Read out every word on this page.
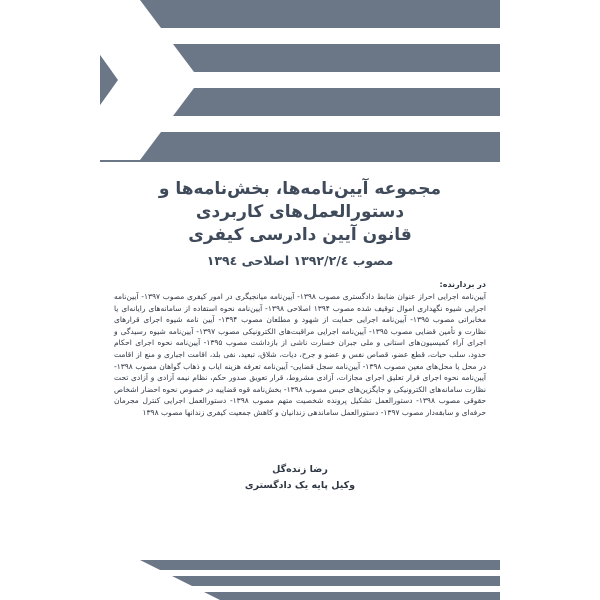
مجموعه آیین‌نامه‌ها، بخش‌نامه‌ها و
دستورالعمل‌های کاربردی
قانون آیین دادرسی کیفری
مصوب ۱۳۹۲/۲/٤ اصلاحی ۱۳۹٤
در بردارنده:
آیین‌نامه اجرایی احراز عنوان ضابط دادگستری مصوب ۱۳۹۸- آیین‌نامه میانجیگری در امور کیفری مصوب ۱۳۹۷- آیین‌نامه اجرایی شیوه نگهداری اموال توقیف شده مصوب ۱۳۹۴ اصلاحی ۱۳۹۸- آیین‌نامه نحوه استفاده از سامانه‌های رایانه‌ای یا مخابراتی مصوب ۱۳۹۵- آیین‌نامه اجرایی حمایت از شهود و مطلعان مصوب ۱۳۹۴- آیین نامه شیوه اجرای قرارهای نظارت و تأمین قضایی مصوب ۱۳۹۵- آیین‌نامه اجرایی مراقبت‌های الکترونیکی مصوب ۱۳۹۷- آیین‌نامه شیوه رسیدگی و اجرای آراء کمیسیون‌های استانی و ملی جبران خسارت ناشی از بازداشت مصوب ۱۳۹۵- آیین‌نامه نحوه اجرای احکام حدود، سلب حیات، قطع عضو، قصاص نفس و عضو و جرح، دیات، شلاق، تبعید، نفی بلد، اقامت اجباری و منع از اقامت در محل یا محل‌های معین مصوب ۱۳۹۸- آیین‌نامه سجل قضایی- آیین‌نامه تعرفه هزینه ایاب و ذهاب گواهان مصوب ۱۳۹۸- آیین‌نامه نحوه اجرای قرار تعلیق اجرای مجازات، آزادی مشروط، قرار تعویق صدور حکم، نظام نیمه آزادی و آزادی تحت نظارت سامانه‌های الکترونیکی و جایگزین‌های حبس مصوب ۱۳۹۸- بخش‌نامه قوه قضاییه در خصوص نحوه احضار اشخاص حقوقی مصوب ۱۳۹۸- دستورالعمل تشکیل پرونده شخصیت متهم مصوب ۱۳۹۸- دستورالعمل اجرایی کنترل مجرمان حرفه‌ای و سابقه‌دار مصوب ۱۳۹۷- دستورالعمل ساماندهی زندانیان و کاهش جمعیت کیفری زندانها مصوب ۱۳۹۸
رضا زنده‌گل
وکیل پایه یک دادگستری
